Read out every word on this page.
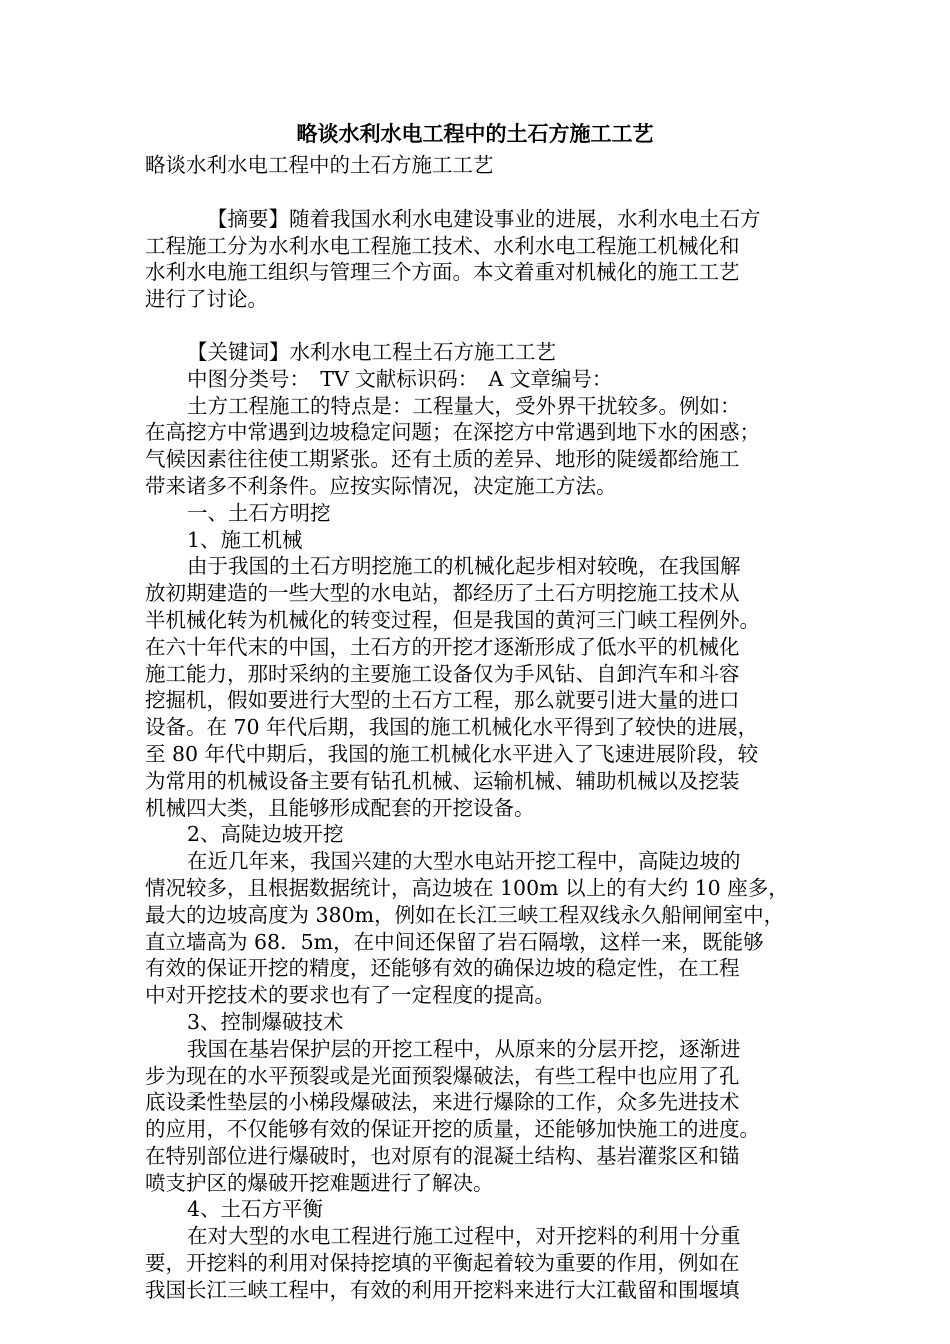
略谈水利水电工程中的土石方施工工艺

略谈水利水电工程中的土石方施工工艺

【摘要】随着我国水利水电建设事业的进展，水利水电土石方

工程施工分为水利水电工程施工技术、水利水电工程施工机械化和

水利水电施工组织与管理三个方面。本文着重对机械化的施工工艺

进行了讨论。

【关键词】水利水电工程土石方施工工艺

中图分类号：　TV 文献标识码：　A 文章编号：

土方工程施工的特点是：工程量大，受外界干扰较多。例如：

在高挖方中常遇到边坡稳定问题；在深挖方中常遇到地下水的困惑；

气候因素往往使工期紧张。还有土质的差异、地形的陡缓都给施工

带来诸多不利条件。应按实际情况，决定施工方法。

一、土石方明挖

1、施工机械

由于我国的土石方明挖施工的机械化起步相对较晚，在我国解

放初期建造的一些大型的水电站，都经历了土石方明挖施工技术从

半机械化转为机械化的转变过程，但是我国的黄河三门峡工程例外。

在六十年代末的中国，土石方的开挖才逐渐形成了低水平的机械化

施工能力，那时采纳的主要施工设备仅为手风钻、自卸汽车和斗容

挖掘机，假如要进行大型的土石方工程，那么就要引进大量的进口

设备。在 70 年代后期，我国的施工机械化水平得到了较快的进展，

至 80 年代中期后，我国的施工机械化水平进入了飞速进展阶段，较

为常用的机械设备主要有钻孔机械、运输机械、辅助机械以及挖装

机械四大类，且能够形成配套的开挖设备。

2、高陡边坡开挖

在近几年来，我国兴建的大型水电站开挖工程中，高陡边坡的

情况较多，且根据数据统计，高边坡在 100m 以上的有大约 10 座多，

最大的边坡高度为 380m，例如在长江三峡工程双线永久船闸闸室中，

直立墙高为 68．5m，在中间还保留了岩石隔墩，这样一来，既能够

有效的保证开挖的精度，还能够有效的确保边坡的稳定性，在工程

中对开挖技术的要求也有了一定程度的提高。

3、控制爆破技术

我国在基岩保护层的开挖工程中，从原来的分层开挖，逐渐进

步为现在的水平预裂或是光面预裂爆破法，有些工程中也应用了孔

底设柔性垫层的小梯段爆破法，来进行爆除的工作，众多先进技术

的应用，不仅能够有效的保证开挖的质量，还能够加快施工的进度。

在特别部位进行爆破时，也对原有的混凝土结构、基岩灌浆区和锚

喷支护区的爆破开挖难题进行了解决。

4、土石方平衡

在对大型的水电工程进行施工过程中，对开挖料的利用十分重

要，开挖料的利用对保持挖填的平衡起着较为重要的作用，例如在

我国长江三峡工程中，有效的利用开挖料来进行大江截留和围堰填
